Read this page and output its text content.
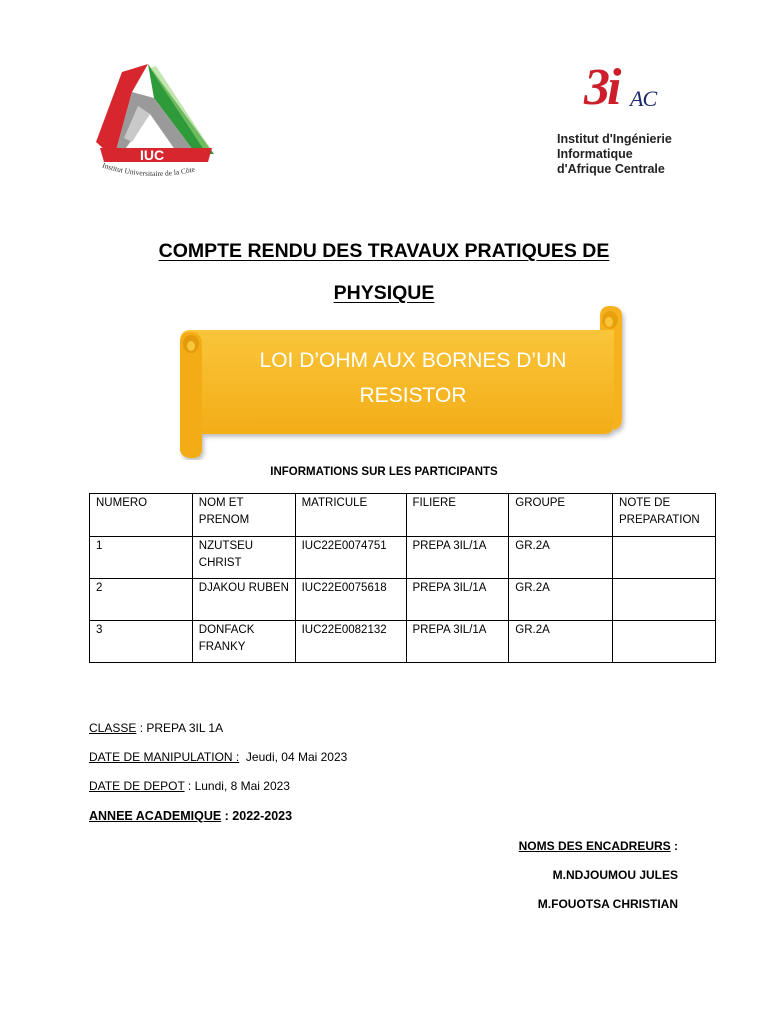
IUC
Institut Universitaire de la Côte
3i AC
Institut d'Ingénierie
Informatique
d'Afrique Centrale
COMPTE RENDU DES TRAVAUX PRATIQUES DE
PHYSIQUE
LOI D’OHM AUX BORNES D’UN
RESISTOR
INFORMATIONS SUR LES PARTICIPANTS
NUMERO	NOM ET PRENOM	MATRICULE	FILIERE	GROUPE	NOTE DE PREPARATION
1	NZUTSEU CHRIST	IUC22E0074751	PREPA 3IL/1A	GR.2A	
2	DJAKOU RUBEN	IUC22E0075618	PREPA 3IL/1A	GR.2A	
3	DONFACK FRANKY	IUC22E0082132	PREPA 3IL/1A	GR.2A	
CLASSE : PREPA 3IL 1A
DATE DE MANIPULATION :  Jeudi, 04 Mai 2023
DATE DE DEPOT : Lundi, 8 Mai 2023
ANNEE ACADEMIQUE : 2022-2023
NOMS DES ENCADREURS :
M.NDJOUMOU JULES
M.FOUOTSA CHRISTIAN
